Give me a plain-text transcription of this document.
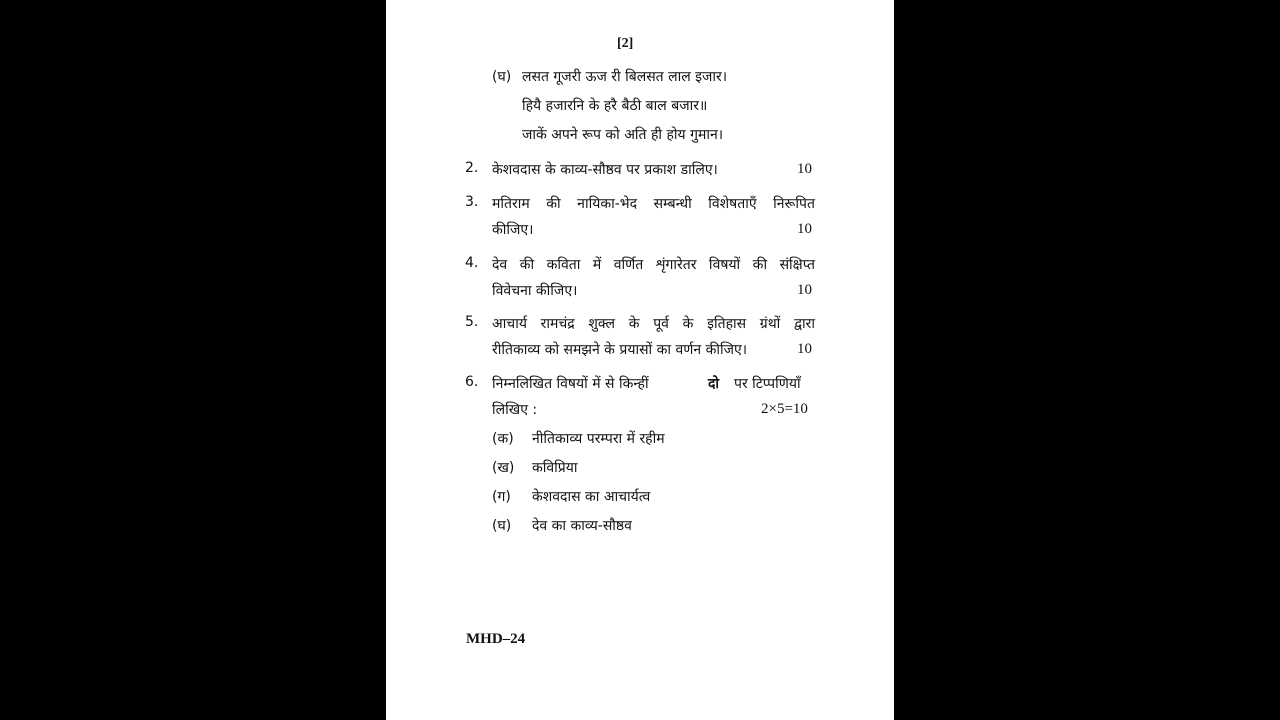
[2]
(घ) लसत गूजरी ऊज री बिलसत लाल इजार।
हियै हजारनि के हरै बैठी बाल बजार॥
जाकें अपने रूप को अति ही होय गुमान।
2. केशवदास के काव्य-सौष्ठव पर प्रकाश डालिए।	10
3. मतिराम की नायिका-भेद सम्बन्धी विशेषताएँ निरूपित
कीजिए।	10
4. देव की कविता में वर्णित शृंगारेतर विषयों की संक्षिप्त
विवेचना कीजिए।	10
5. आचार्य रामचंद्र शुक्ल के पूर्व के इतिहास ग्रंथों द्वारा
रीतिकाव्य को समझने के प्रयासों का वर्णन कीजिए।	10
6. निम्नलिखित विषयों में से किन्हीं	दो पर टिप्पणियाँ
लिखिए :	2×5=10
(क) नीतिकाव्य परम्परा में रहीम
(ख) कविप्रिया
(ग) केशवदास का आचार्यत्व
(घ) देव का काव्य-सौष्ठव
MHD–24
